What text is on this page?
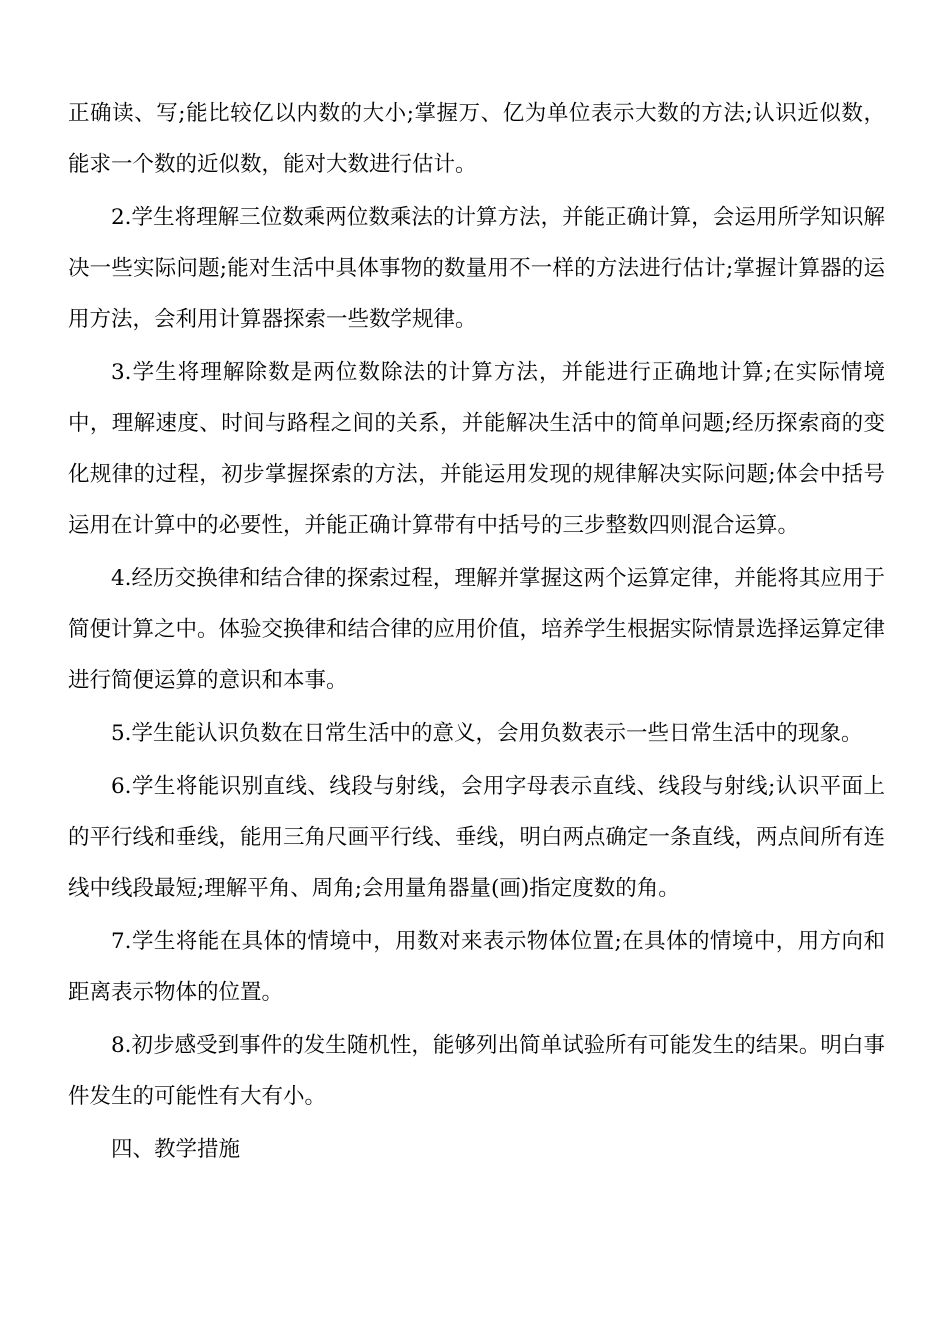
正确读、写;能比较亿以内数的大小;掌握万、亿为单位表示大数的方法;认识近似数，能求一个数的近似数，能对大数进行估计。

2.学生将理解三位数乘两位数乘法的计算方法，并能正确计算，会运用所学知识解决一些实际问题;能对生活中具体事物的数量用不一样的方法进行估计;掌握计算器的运用方法，会利用计算器探索一些数学规律。

3.学生将理解除数是两位数除法的计算方法，并能进行正确地计算;在实际情境中，理解速度、时间与路程之间的关系，并能解决生活中的简单问题;经历探索商的变化规律的过程，初步掌握探索的方法，并能运用发现的规律解决实际问题;体会中括号运用在计算中的必要性，并能正确计算带有中括号的三步整数四则混合运算。

4.经历交换律和结合律的探索过程，理解并掌握这两个运算定律，并能将其应用于简便计算之中。体验交换律和结合律的应用价值，培养学生根据实际情景选择运算定律进行简便运算的意识和本事。

5.学生能认识负数在日常生活中的意义，会用负数表示一些日常生活中的现象。

6.学生将能识别直线、线段与射线，会用字母表示直线、线段与射线;认识平面上的平行线和垂线，能用三角尺画平行线、垂线，明白两点确定一条直线，两点间所有连线中线段最短;理解平角、周角;会用量角器量(画)指定度数的角。

7.学生将能在具体的情境中，用数对来表示物体位置;在具体的情境中，用方向和距离表示物体的位置。

8.初步感受到事件的发生随机性，能够列出简单试验所有可能发生的结果。明白事件发生的可能性有大有小。

四、教学措施
